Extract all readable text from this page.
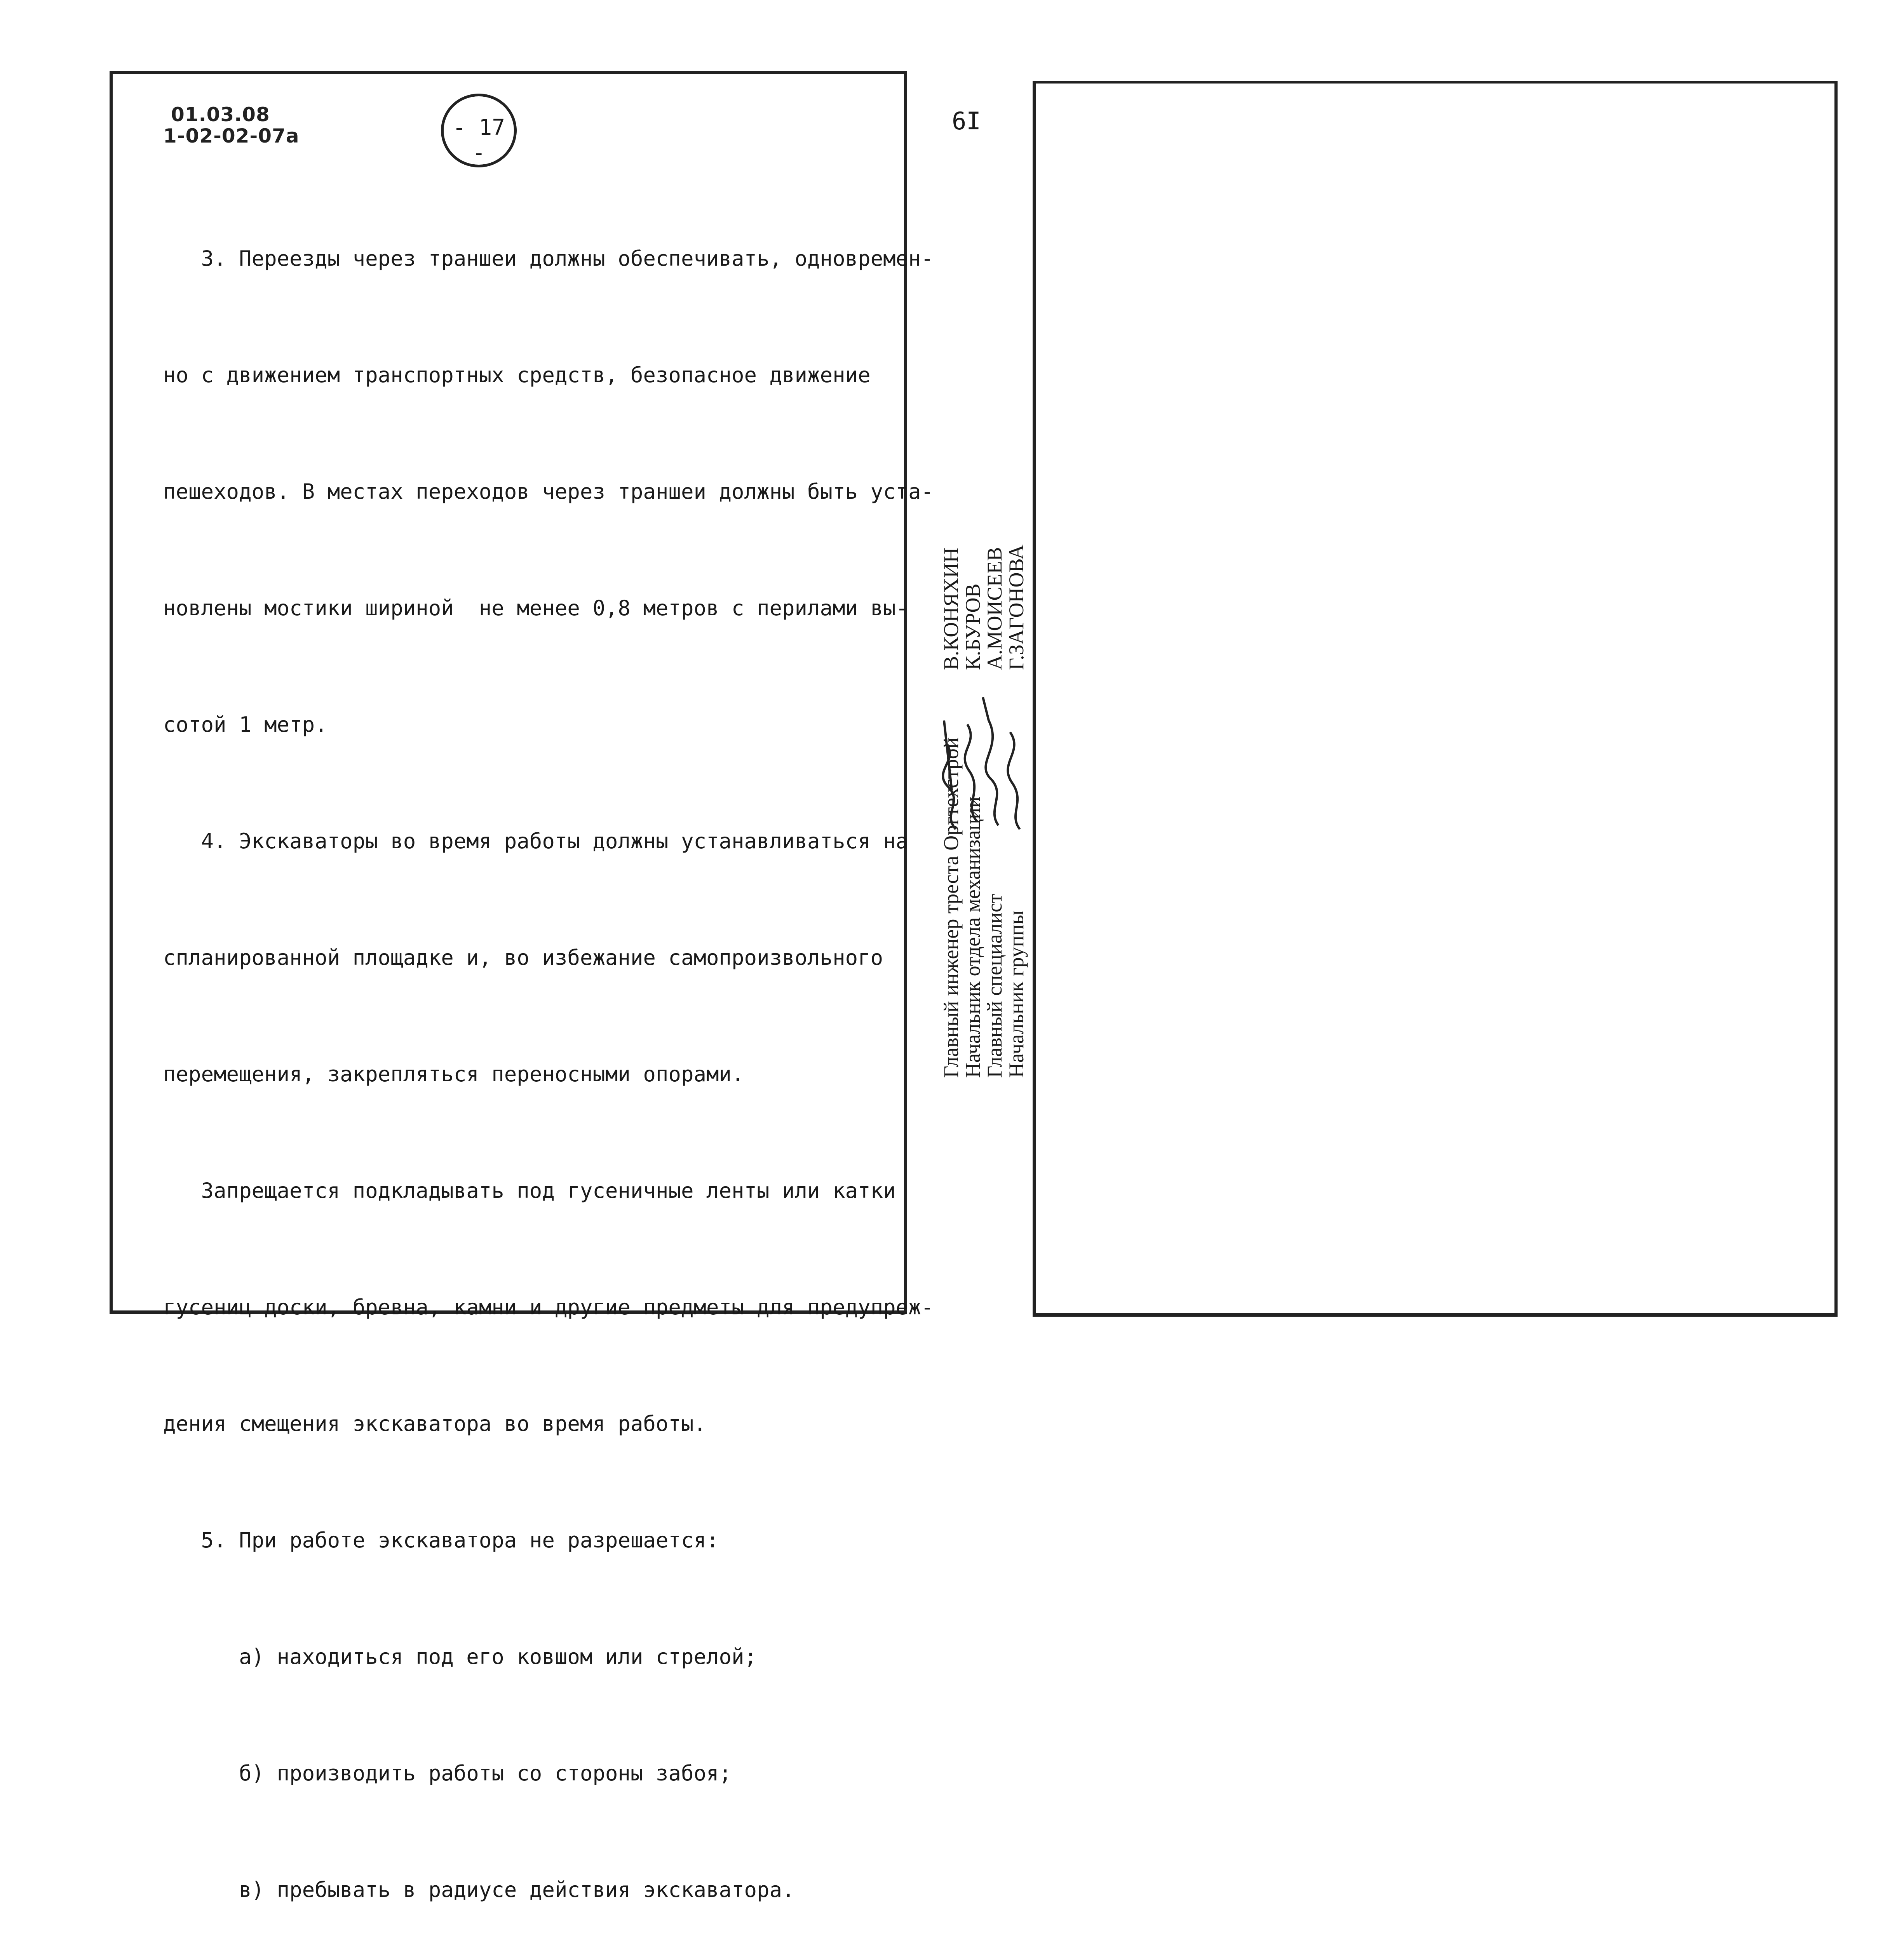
01.03.08
1-02-02-07a	- 17 -

3. Переезды через траншеи должны обеспечивать, одновремен-

но с движением транспортных средств, безопасное движение

пешеходов. В местах переходов через траншеи должны быть уста-

новлены мостики шириной  не менее 0,8 метров с перилами вы-

сотой 1 метр.

4. Экскаваторы во время работы должны устанавливаться на

спланированной площадке и, во избежание самопроизвольного

перемещения, закрепляться переносными опорами.

Запрещается подкладывать под гусеничные ленты или катки

гусениц доски, бревна, камни и другие предметы для предупреж-

дения смещения экскаватора во время работы.

5. При работе экскаватора не разрешается:

а) находиться под его ковшом или стрелой;

б) производить работы со стороны забоя;

в) пребывать в радиусе действия экскаватора.

6I
Главный инженер треста Оргтехстрой
Начальник отдела механизации
Главный специалист
Начальник группы
В.КОНЯХИН
К.БУРОВ
А.МОИСЕЕВ
Г.ЗАГОНОВА
